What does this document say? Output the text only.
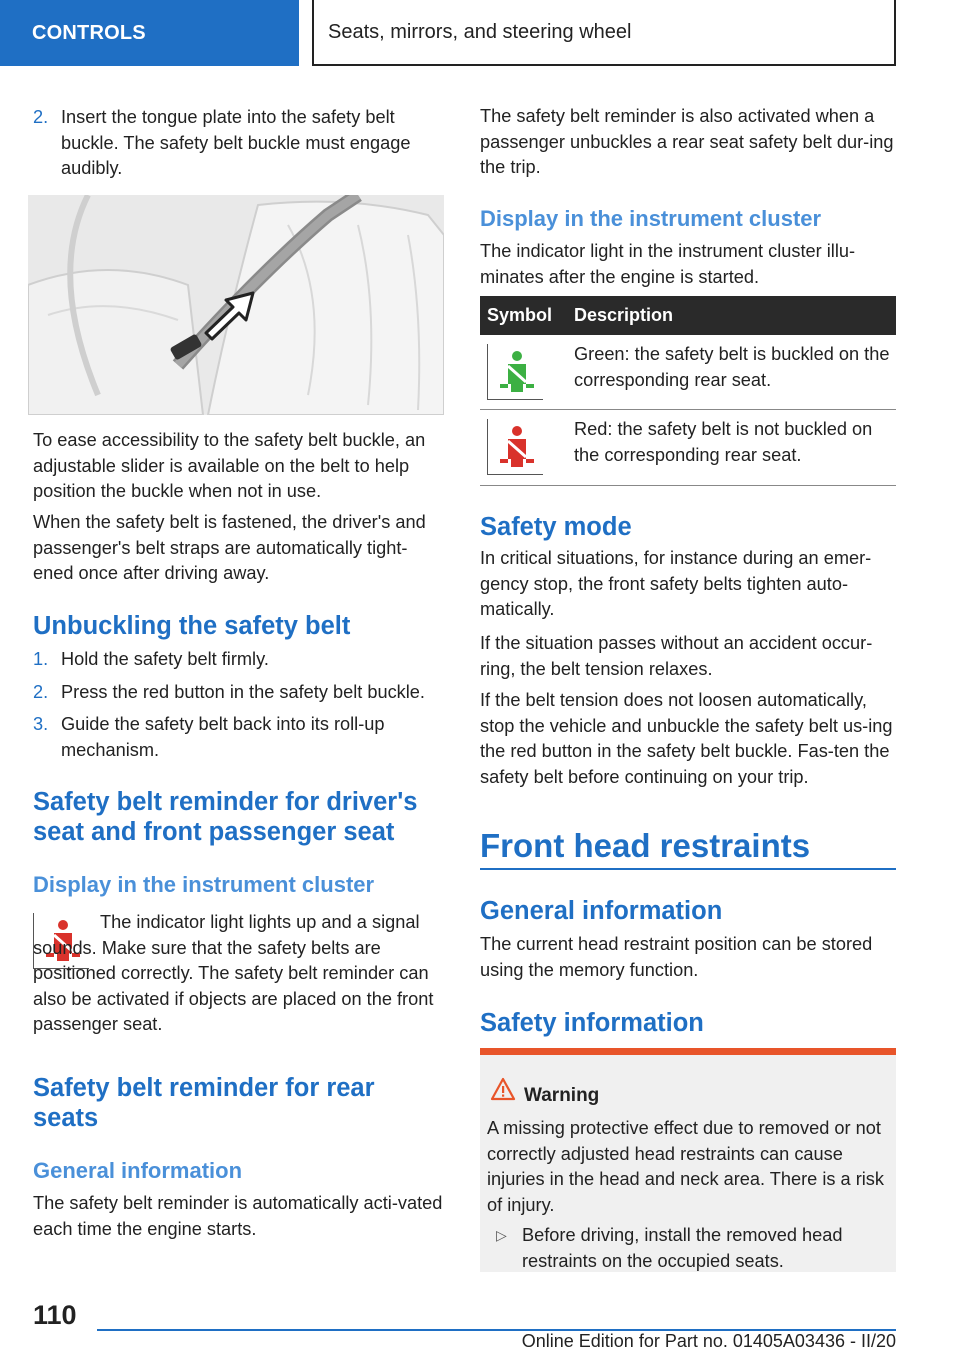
CONTROLS	Seats, mirrors, and steering wheel
2. Insert the tongue plate into the safety belt buckle. The safety belt buckle must engage audibly.

To ease accessibility to the safety belt buckle, an adjustable slider is available on the belt to help position the buckle when not in use.

When the safety belt is fastened, the driver's and passenger's belt straps are automatically tight‐ened once after driving away.

Unbuckling the safety belt
1. Hold the safety belt firmly.
2. Press the red button in the safety belt buckle.
3. Guide the safety belt back into its roll-up mechanism.
Safety belt reminder for driver's seat and front passenger seat
Display in the instrument cluster

The indicator light lights up and a signal sounds. Make sure that the safety belts are positioned correctly. The safety belt reminder can also be activated if objects are placed on the front passenger seat.

Safety belt reminder for rear seats
General information

The safety belt reminder is automatically acti‐vated each time the engine starts.

The safety belt reminder is also activated when a passenger unbuckles a rear seat safety belt dur‐ing the trip.

Display in the instrument cluster

The indicator light in the instrument cluster illu‐minates after the engine is started.

Symbol Description
Green: the safety belt is buckled on the corresponding rear seat.
Red: the safety belt is not buckled on the corresponding rear seat.
Safety mode

In critical situations, for instance during an emer‐gency stop, the front safety belts tighten auto‐matically.

If the situation passes without an accident occur‐ring, the belt tension relaxes.

If the belt tension does not loosen automatically, stop the vehicle and unbuckle the safety belt us‐ing the red button in the safety belt buckle. Fas‐ten the safety belt before continuing on your trip.

Front head restraints
General information

The current head restraint position can be stored using the memory function.

Safety information
Warning
A missing protective effect due to removed or not correctly adjusted head restraints can cause injuries in the head and neck area. There is a risk of injury.
▷ Before driving, install the removed head restraints on the occupied seats.
110
Online Edition for Part no. 01405A03436 - II/20
